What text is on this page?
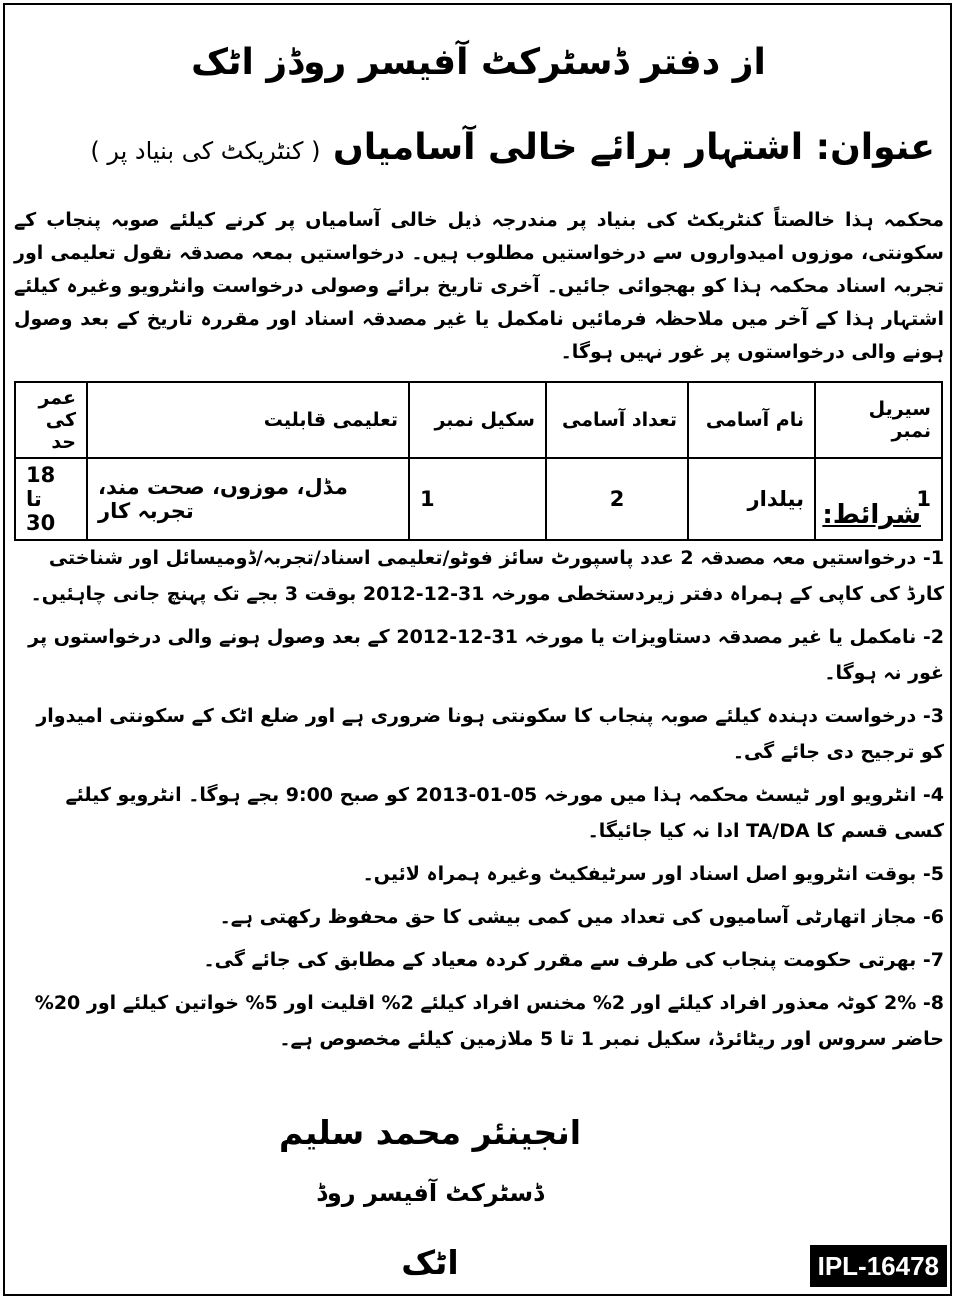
از دفتر ڈسٹرکٹ آفیسر روڈز اٹک
عنوان: اشتہار برائے خالی آسامیاں ( کنٹریکٹ کی بنیاد پر )

محکمہ ہذا خالصتاً کنٹریکٹ کی بنیاد پر مندرجہ ذیل خالی آسامیاں پر کرنے کیلئے صوبہ پنجاب کے سکونتی، موزوں امیدواروں سے درخواستیں مطلوب ہیں۔ درخواستیں بمعہ مصدقہ نقول تعلیمی اور تجربہ اسناد محکمہ ہذا کو بھجوائی جائیں۔ آخری تاریخ برائے وصولی درخواست وانٹرویو وغیرہ کیلئے اشتہار ہذا کے آخر میں ملاحظہ فرمائیں نامکمل یا غیر مصدقہ اسناد اور مقررہ تاریخ کے بعد وصول ہونے والی درخواستوں پر غور نہیں ہوگا۔

سیریل نمبر	نام آسامی	تعداد آسامی	سکیل نمبر	تعلیمی قابلیت	عمر کی حد
1	بیلدار	2	1	مڈل، موزوں، صحت مند، تجربہ کار	18 تا 30	شرائط:
1- درخواستیں معہ مصدقہ 2 عدد پاسپورٹ سائز فوٹو/تعلیمی اسناد/تجربہ/ڈومیسائل اور شناختی کارڈ کی کاپی کے ہمراہ دفتر زیردستخطی مورخہ 31-12-2012 بوقت 3 بجے تک پہنچ جانی چاہئیں۔
2- نامکمل یا غیر مصدقہ دستاویزات یا مورخہ 31-12-2012 کے بعد وصول ہونے والی درخواستوں پر غور نہ ہوگا۔
3- درخواست دہندہ کیلئے صوبہ پنجاب کا سکونتی ہونا ضروری ہے اور ضلع اٹک کے سکونتی امیدوار کو ترجیح دی جائے گی۔
4- انٹرویو اور ٹیسٹ محکمہ ہذا میں مورخہ 05-01-2013 کو صبح 9:00 بجے ہوگا۔ انٹرویو کیلئے کسی قسم کا TA/DA ادا نہ کیا جائیگا۔
5- بوقت انٹرویو اصل اسناد اور سرٹیفکیٹ وغیرہ ہمراہ لائیں۔
6- مجاز اتھارٹی آسامیوں کی تعداد میں کمی بیشی کا حق محفوظ رکھتی ہے۔
7- بھرتی حکومت پنجاب کی طرف سے مقرر کردہ معیاد کے مطابق کی جائے گی۔
8- 2% کوٹہ معذور افراد کیلئے اور 2% مخنس افراد کیلئے 2% اقلیت اور 5% خواتین کیلئے اور 20% حاضر سروس اور ریٹائرڈ، سکیل نمبر 1 تا 5 ملازمین کیلئے مخصوص ہے۔
انجینئر محمد سلیم
ڈسٹرکٹ آفیسر روڈ
اٹک	IPL-16478
